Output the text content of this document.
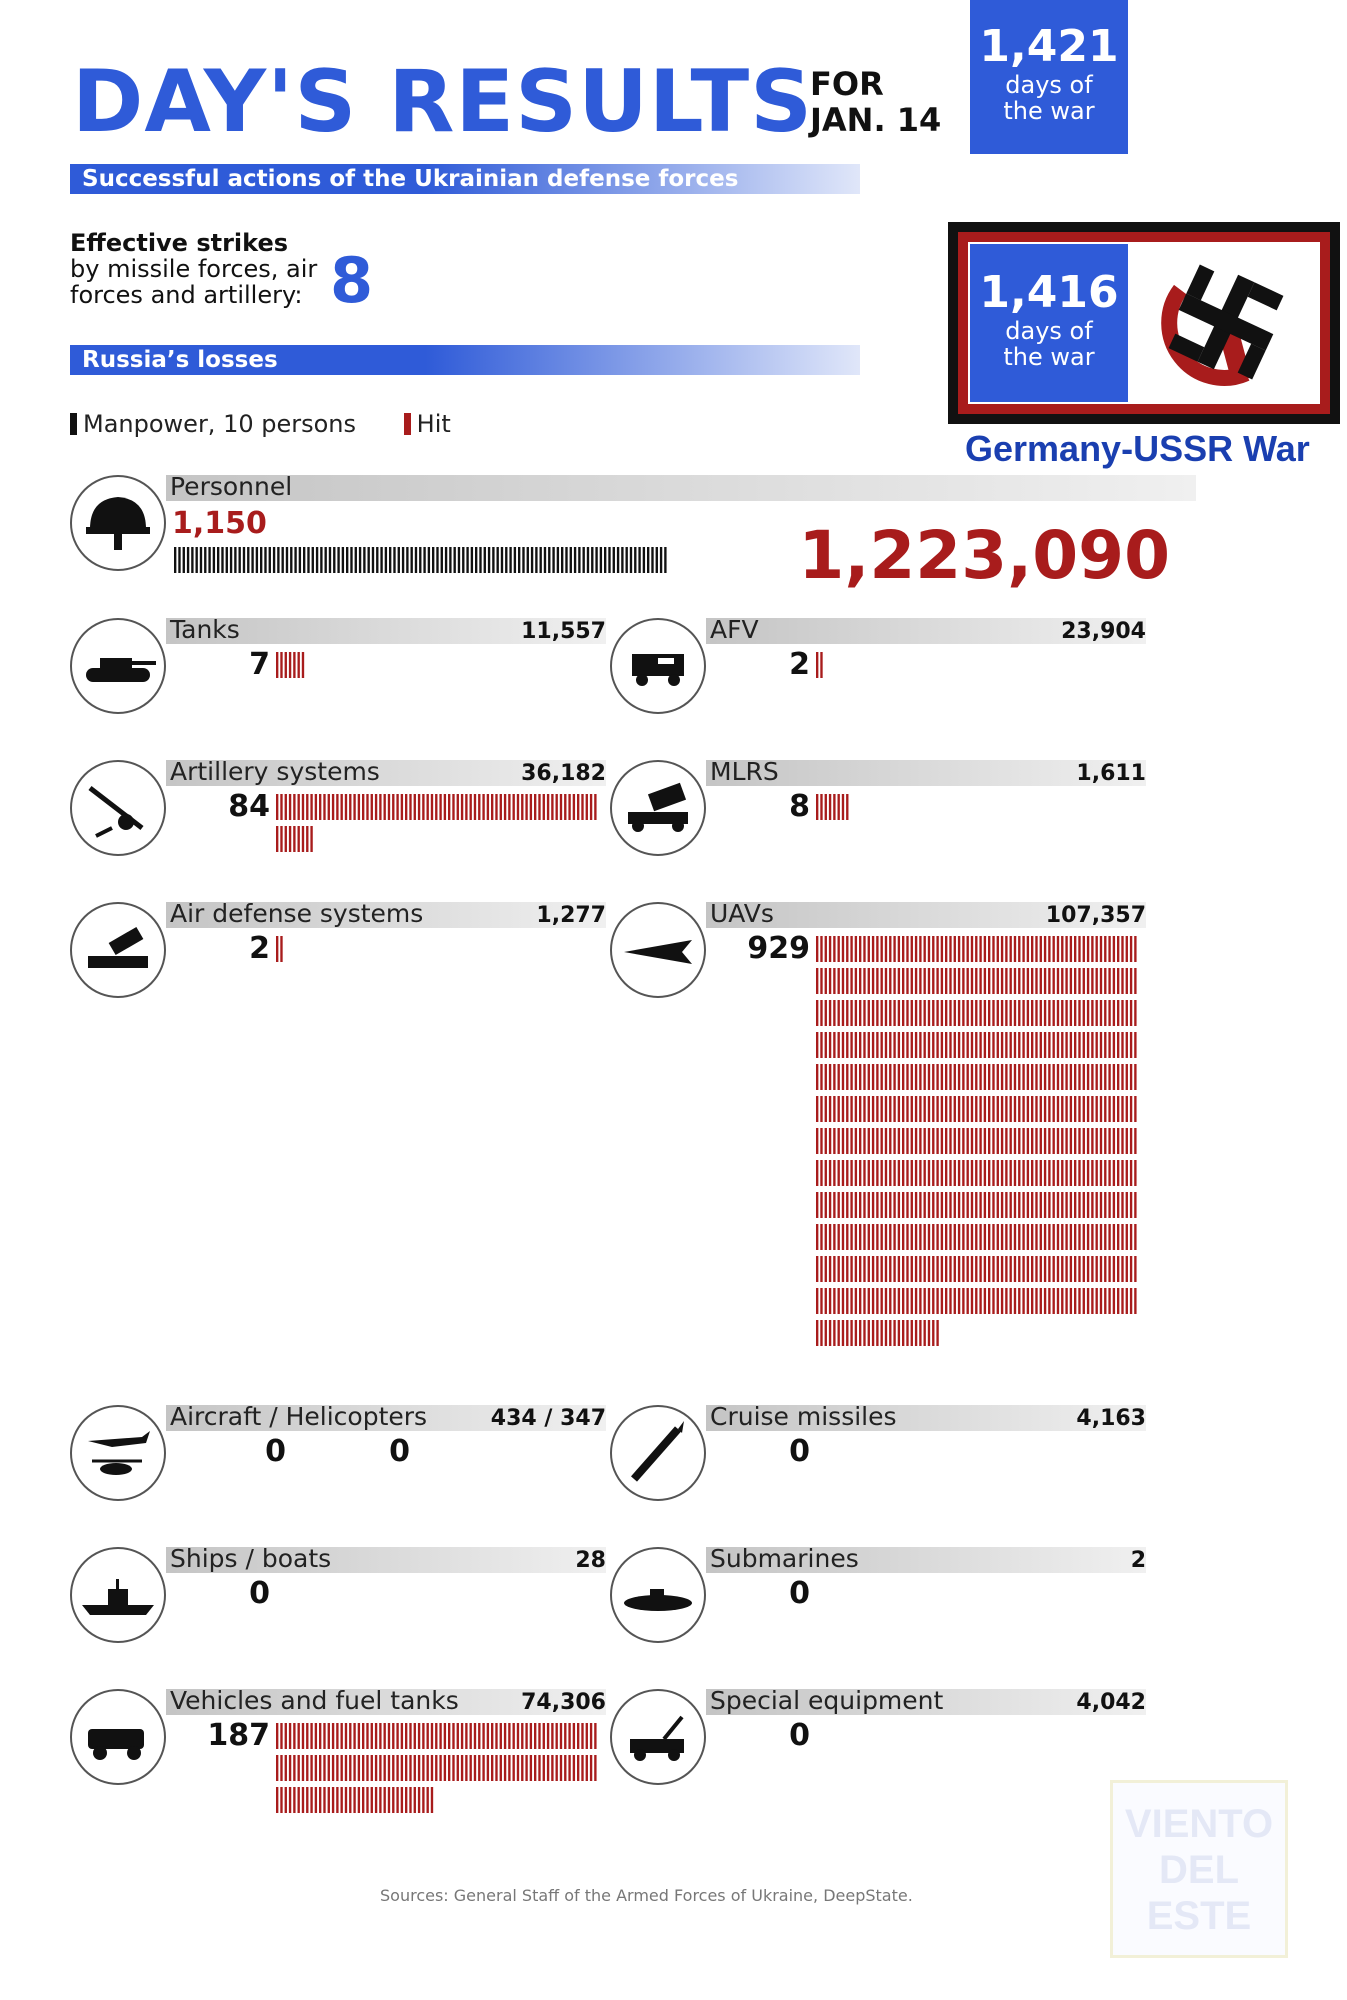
DAY'S RESULTS
FOR
JAN. 14
1,421
days of
the war
Successful actions of the Ukrainian defense forces
Effective strikes
by missile forces, air
forces and artillery: 8
Russia’s losses
Manpower, 10 persons	Hit
1,416
days of
the war
Germany-USSR War
Personnel
1,150	1,223,090
Tanks	11,557
7
AFV	23,904
2
Artillery systems	36,182
84
MLRS	1,611
8
Air defense systems	1,277
2
UAVs	107,357
929
Aircraft / Helicopters	434 / 347
0	0
Cruise missiles	4,163
0
Ships / boats	28
0
Submarines	2
0
Vehicles and fuel tanks	74,306
187
Special equipment	4,042
0
Sources: General Staff of the Armed Forces of Ukraine, DeepState.
VIENTO
DEL
ESTE
